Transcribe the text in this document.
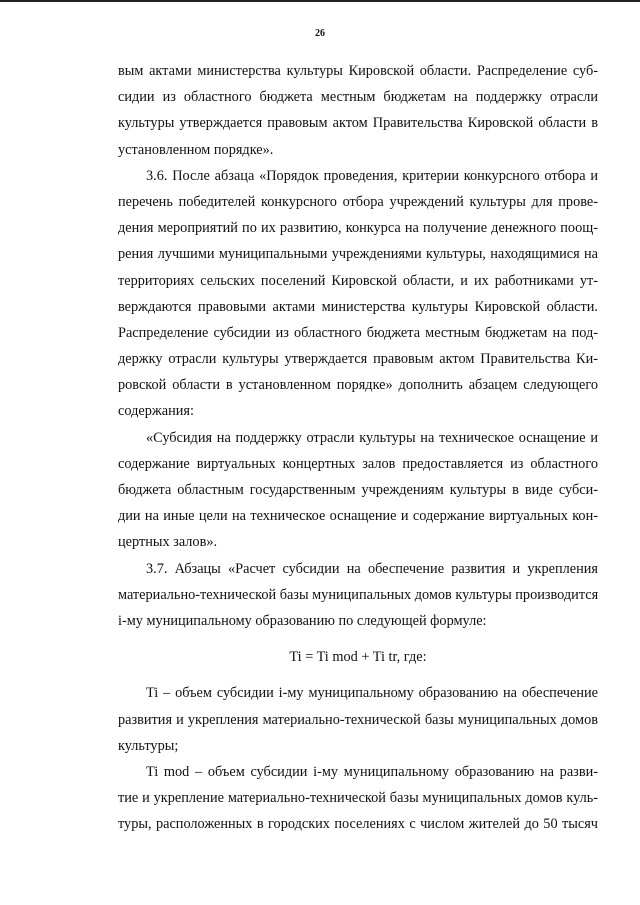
26
вым актами министерства культуры Кировской области. Распределение суб-
сидии из областного бюджета местным бюджетам на поддержку отрасли
культуры утверждается правовым актом Правительства Кировской области в
установленном порядке».
3.6. После абзаца «Порядок проведения, критерии конкурсного отбора и
перечень победителей конкурсного отбора учреждений культуры для прове-
дения мероприятий по их развитию, конкурса на получение денежного поощ-
рения лучшими муниципальными учреждениями культуры, находящимися на
территориях сельских поселений Кировской области, и их работниками ут-
верждаются правовыми актами министерства культуры Кировской области.
Распределение субсидии из областного бюджета местным бюджетам на под-
держку отрасли культуры утверждается правовым актом Правительства Ки-
ровской области в установленном порядке» дополнить абзацем следующего
содержания:
«Субсидия на поддержку отрасли культуры на техническое оснащение и
содержание виртуальных концертных залов предоставляется из областного
бюджета областным государственным учреждениям культуры в виде субси-
дии на иные цели на техническое оснащение и содержание виртуальных кон-
цертных залов».
3.7. Абзацы «Расчет субсидии на обеспечение развития и укрепления
материально-технической базы муниципальных домов культуры производится
i-му муниципальному образованию по следующей формуле:
Ti = Ti mod + Ti tr, где:
Ti – объем субсидии i-му муниципальному образованию на обеспечение
развития и укрепления материально-технической базы муниципальных домов
культуры;
Ti mod – объем субсидии i-му муниципальному образованию на разви-
тие и укрепление материально-технической базы муниципальных домов куль-
туры, расположенных в городских поселениях с числом жителей до 50 тысяч
